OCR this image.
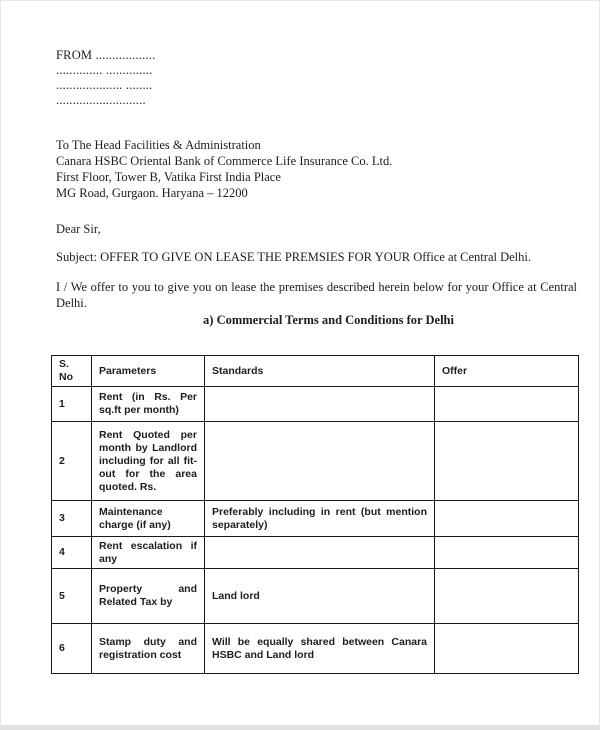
FROM ..................
.............. ..............
.................... ........
...........................
To The Head Facilities & Administration
Canara HSBC Oriental Bank of Commerce Life Insurance Co. Ltd.
First Floor, Tower B, Vatika First India Place
MG Road, Gurgaon. Haryana – 12200
Dear Sir,
Subject: OFFER TO GIVE ON LEASE THE PREMSIES FOR YOUR Office at Central Delhi.
I / We offer to you to give you on lease the premises described herein below for your Office at Central Delhi.
a) Commercial Terms and Conditions for Delhi
S. No	Parameters	Standards	Offer
1	Rent (in Rs. Per sq.ft per month)		
2	Rent Quoted per month by Landlord including for all fit-out for the area quoted. Rs.		
3	Maintenance charge (if any)	Preferably including in rent (but mention separately)	
4	Rent escalation if any		
5	Property and Related Tax by	Land lord	
6	Stamp duty and registration cost	Will be equally shared between Canara HSBC and Land lord	
